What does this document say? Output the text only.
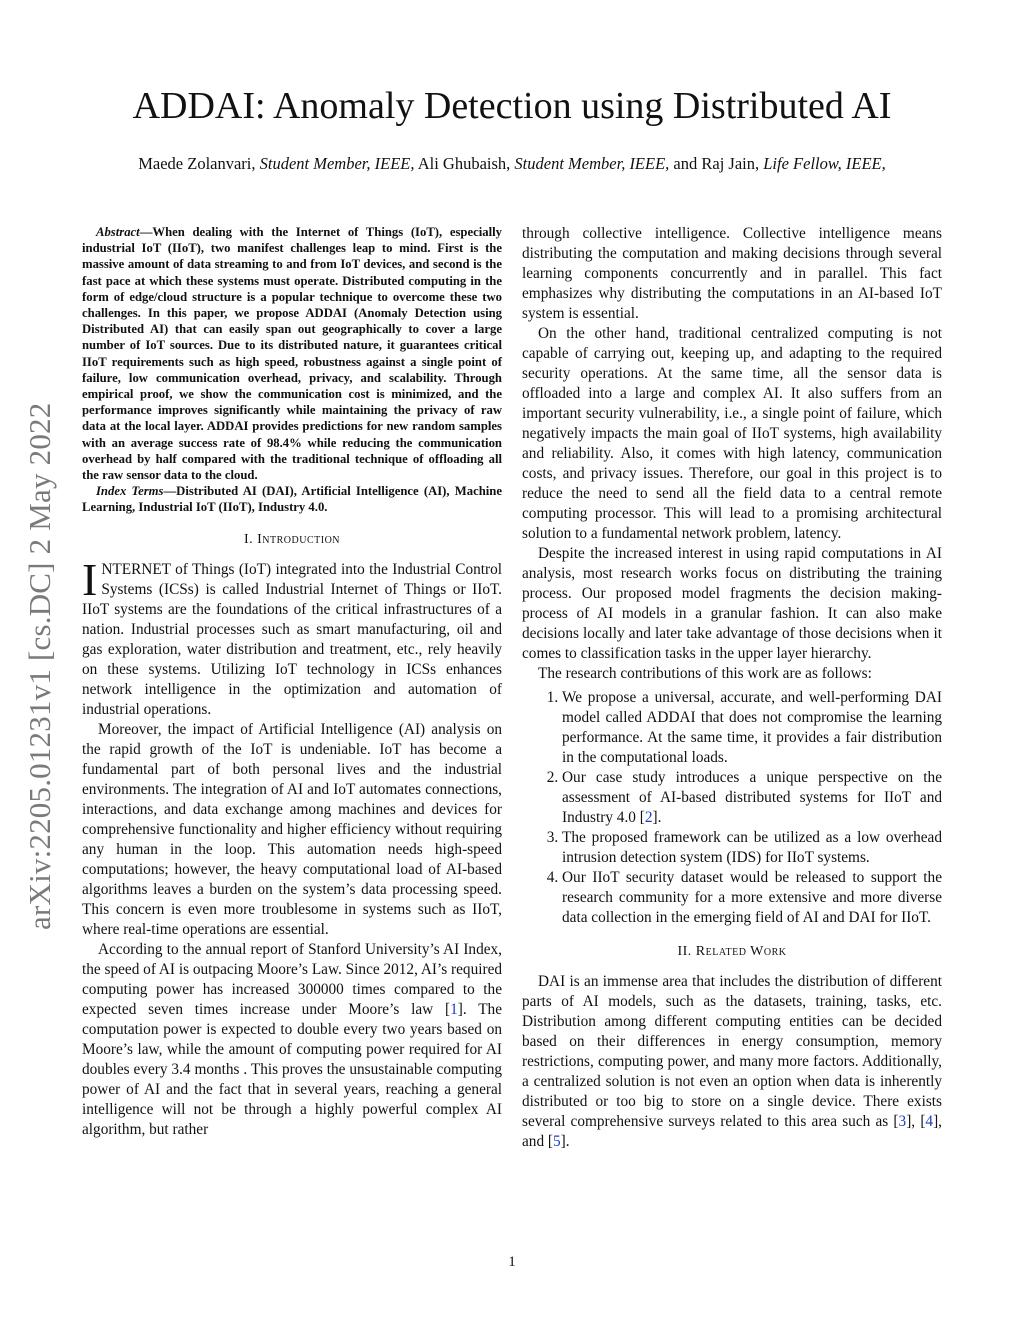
ADDAI: Anomaly Detection using Distributed AI
Maede Zolanvari, Student Member, IEEE, Ali Ghubaish, Student Member, IEEE, and Raj Jain, Life Fellow, IEEE,
arXiv:2205.01231v1 [cs.DC] 2 May 2022

Abstract—When dealing with the Internet of Things (IoT), especially industrial IoT (IIoT), two manifest challenges leap to mind. First is the massive amount of data streaming to and from IoT devices, and second is the fast pace at which these systems must operate. Distributed computing in the form of edge/cloud structure is a popular technique to overcome these two challenges. In this paper, we propose ADDAI (Anomaly Detection using Distributed AI) that can easily span out geographically to cover a large number of IoT sources. Due to its distributed nature, it guarantees critical IIoT requirements such as high speed, robustness against a single point of failure, low communication overhead, privacy, and scalability. Through empirical proof, we show the communication cost is minimized, and the performance improves significantly while maintaining the privacy of raw data at the local layer. ADDAI provides predictions for new random samples with an average success rate of 98.4% while reducing the communication overhead by half compared with the traditional technique of offloading all the raw sensor data to the cloud.

Index Terms—Distributed AI (DAI), Artificial Intelligence (AI), Machine Learning, Industrial IoT (IIoT), Industry 4.0.

I. Introduction

INTERNET of Things (IoT) integrated into the Industrial Control Systems (ICSs) is called Industrial Internet of Things or IIoT. IIoT systems are the foundations of the critical infrastructures of a nation. Industrial processes such as smart manufacturing, oil and gas exploration, water distribution and treatment, etc., rely heavily on these systems. Utilizing IoT technology in ICSs enhances network intelligence in the optimization and automation of industrial operations.

Moreover, the impact of Artificial Intelligence (AI) analysis on the rapid growth of the IoT is undeniable. IoT has become a fundamental part of both personal lives and the industrial environments. The integration of AI and IoT automates connections, interactions, and data exchange among machines and devices for comprehensive functionality and higher efficiency without requiring any human in the loop. This automation needs high-speed computations; however, the heavy computational load of AI-based algorithms leaves a burden on the system’s data processing speed. This concern is even more troublesome in systems such as IIoT, where real-time operations are essential.

According to the annual report of Stanford University’s AI Index, the speed of AI is outpacing Moore’s Law. Since 2012, AI’s required computing power has increased 300000 times compared to the expected seven times increase under Moore’s law [1]. The computation power is expected to double every two years based on Moore’s law, while the amount of computing power required for AI doubles every 3.4 months . This proves the unsustainable computing power of AI and the fact that in several years, reaching a general intelligence will not be through a highly powerful complex AI algorithm, but rather

through collective intelligence. Collective intelligence means distributing the computation and making decisions through several learning components concurrently and in parallel. This fact emphasizes why distributing the computations in an AI-based IoT system is essential.

On the other hand, traditional centralized computing is not capable of carrying out, keeping up, and adapting to the required security operations. At the same time, all the sensor data is offloaded into a large and complex AI. It also suffers from an important security vulnerability, i.e., a single point of failure, which negatively impacts the main goal of IIoT systems, high availability and reliability. Also, it comes with high latency, communication costs, and privacy issues. Therefore, our goal in this project is to reduce the need to send all the field data to a central remote computing processor. This will lead to a promising architectural solution to a fundamental network problem, latency.

Despite the increased interest in using rapid computations in AI analysis, most research works focus on distributing the training process. Our proposed model fragments the decision making-process of AI models in a granular fashion. It can also make decisions locally and later take advantage of those decisions when it comes to classification tasks in the upper layer hierarchy.

The research contributions of this work are as follows:

1. We propose a universal, accurate, and well-performing DAI model called ADDAI that does not compromise the learning performance. At the same time, it provides a fair distribution in the computational loads.
2. Our case study introduces a unique perspective on the assessment of AI-based distributed systems for IIoT and Industry 4.0 [2].
3. The proposed framework can be utilized as a low overhead intrusion detection system (IDS) for IIoT systems.
4. Our IIoT security dataset would be released to support the research community for a more extensive and more diverse data collection in the emerging field of AI and DAI for IIoT.
II. Related Work

DAI is an immense area that includes the distribution of different parts of AI models, such as the datasets, training, tasks, etc. Distribution among different computing entities can be decided based on their differences in energy consumption, memory restrictions, computing power, and many more factors. Additionally, a centralized solution is not even an option when data is inherently distributed or too big to store on a single device. There exists several comprehensive surveys related to this area such as [3], [4], and [5].

1
